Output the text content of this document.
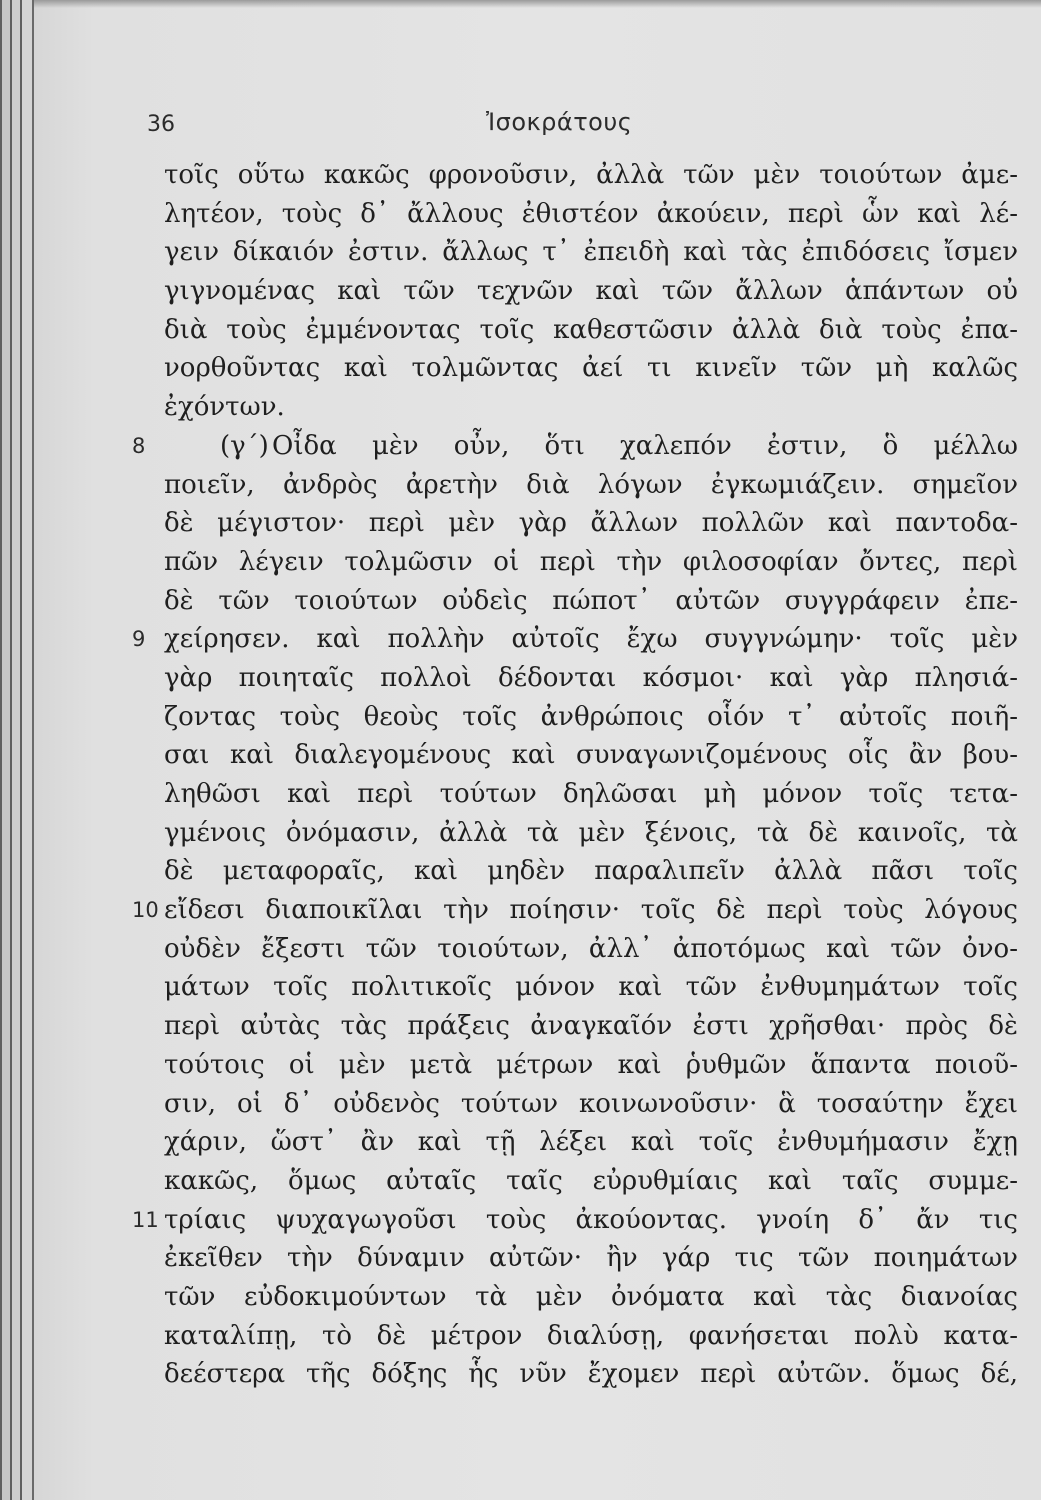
36	Ἰσοκράτους
τοῖς οὕτω κακῶς φρονοῦσιν, ἀλλὰ τῶν μὲν τοιούτων ἀμε-
λητέον, τοὺς δ᾽ ἄλλους ἐθιστέον ἀκούειν, περὶ ὧν καὶ λέ-
γειν δίκαιόν ἐστιν. ἄλλως τ᾽ ἐπειδὴ καὶ τὰς ἐπιδόσεις ἴσμεν
γιγνομένας καὶ τῶν τεχνῶν καὶ τῶν ἄλλων ἁπάντων οὐ
διὰ τοὺς ἐμμένοντας τοῖς καθεστῶσιν ἀλλὰ διὰ τοὺς ἐπα-
νορθοῦντας καὶ τολμῶντας ἀεί τι κινεῖν τῶν μὴ καλῶς
ἐχόντων.
8	(γ΄) Οἶδα μὲν οὖν, ὅτι χαλεπόν ἐστιν, ὃ μέλλω
ποιεῖν, ἀνδρὸς ἀρετὴν διὰ λόγων ἐγκωμιάζειν. σημεῖον
δὲ μέγιστον· περὶ μὲν γὰρ ἄλλων πολλῶν καὶ παντοδα-
πῶν λέγειν τολμῶσιν οἱ περὶ τὴν φιλοσοφίαν ὄντες, περὶ
δὲ τῶν τοιούτων οὐδεὶς πώποτ᾽ αὐτῶν συγγράφειν ἐπε-
9 χείρησεν. καὶ πολλὴν αὐτοῖς ἔχω συγγνώμην· τοῖς μὲν
γὰρ ποιηταῖς πολλοὶ δέδονται κόσμοι· καὶ γὰρ πλησιά-
ζοντας τοὺς θεοὺς τοῖς ἀνθρώποις οἷόν τ᾽ αὐτοῖς ποιῆ-
σαι καὶ διαλεγομένους καὶ συναγωνιζομένους οἷς ἂν βου-
ληθῶσι καὶ περὶ τούτων δηλῶσαι μὴ μόνον τοῖς τετα-
γμένοις ὀνόμασιν, ἀλλὰ τὰ μὲν ξένοις, τὰ δὲ καινοῖς, τὰ
δὲ μεταφοραῖς, καὶ μηδὲν παραλιπεῖν ἀλλὰ πᾶσι τοῖς
10 εἴδεσι διαποικῖλαι τὴν ποίησιν· τοῖς δὲ περὶ τοὺς λόγους
οὐδὲν ἔξεστι τῶν τοιούτων, ἀλλ᾽ ἀποτόμως καὶ τῶν ὀνο-
μάτων τοῖς πολιτικοῖς μόνον καὶ τῶν ἐνθυμημάτων τοῖς
περὶ αὐτὰς τὰς πράξεις ἀναγκαῖόν ἐστι χρῆσθαι· πρὸς δὲ
τούτοις οἱ μὲν μετὰ μέτρων καὶ ῥυθμῶν ἅπαντα ποιοῦ-
σιν, οἱ δ᾽ οὐδενὸς τούτων κοινωνοῦσιν· ἃ τοσαύτην ἔχει
χάριν, ὥστ᾽ ἂν καὶ τῇ λέξει καὶ τοῖς ἐνθυμήμασιν ἔχῃ
κακῶς, ὅμως αὐταῖς ταῖς εὐρυθμίαις καὶ ταῖς συμμε-
11 τρίαις ψυχαγωγοῦσι τοὺς ἀκούοντας. γνοίη δ᾽ ἄν τις
ἐκεῖθεν τὴν δύναμιν αὐτῶν· ἢν γάρ τις τῶν ποιημάτων
τῶν εὐδοκιμούντων τὰ μὲν ὀνόματα καὶ τὰς διανοίας
καταλίπῃ, τὸ δὲ μέτρον διαλύσῃ, φανήσεται πολὺ κατα-
δεέστερα τῆς δόξης ἧς νῦν ἔχομεν περὶ αὐτῶν. ὅμως δέ,
